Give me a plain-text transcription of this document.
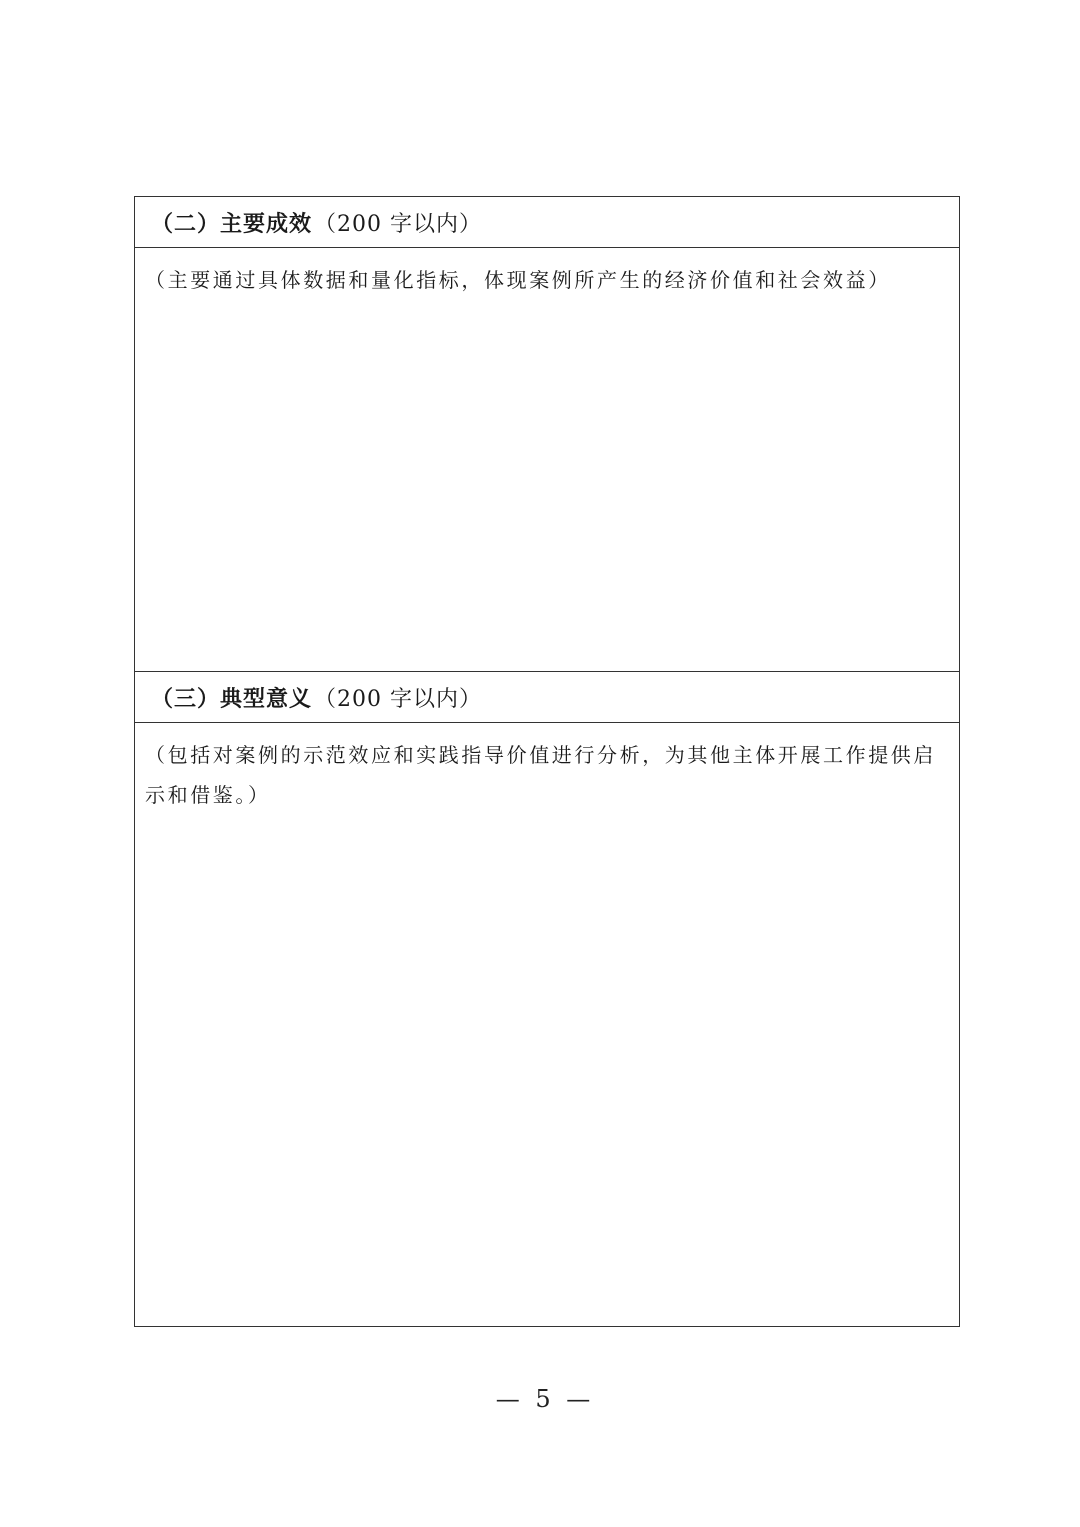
（二）主要成效 （200 字以内）
（主要通过具体数据和量化指标，体现案例所产生的经济价值和社会效益）
（三）典型意义 （200 字以内）
（包括对案例的示范效应和实践指导价值进行分析，为其他主体开展工作提供启示和借鉴。）
— 5 —
